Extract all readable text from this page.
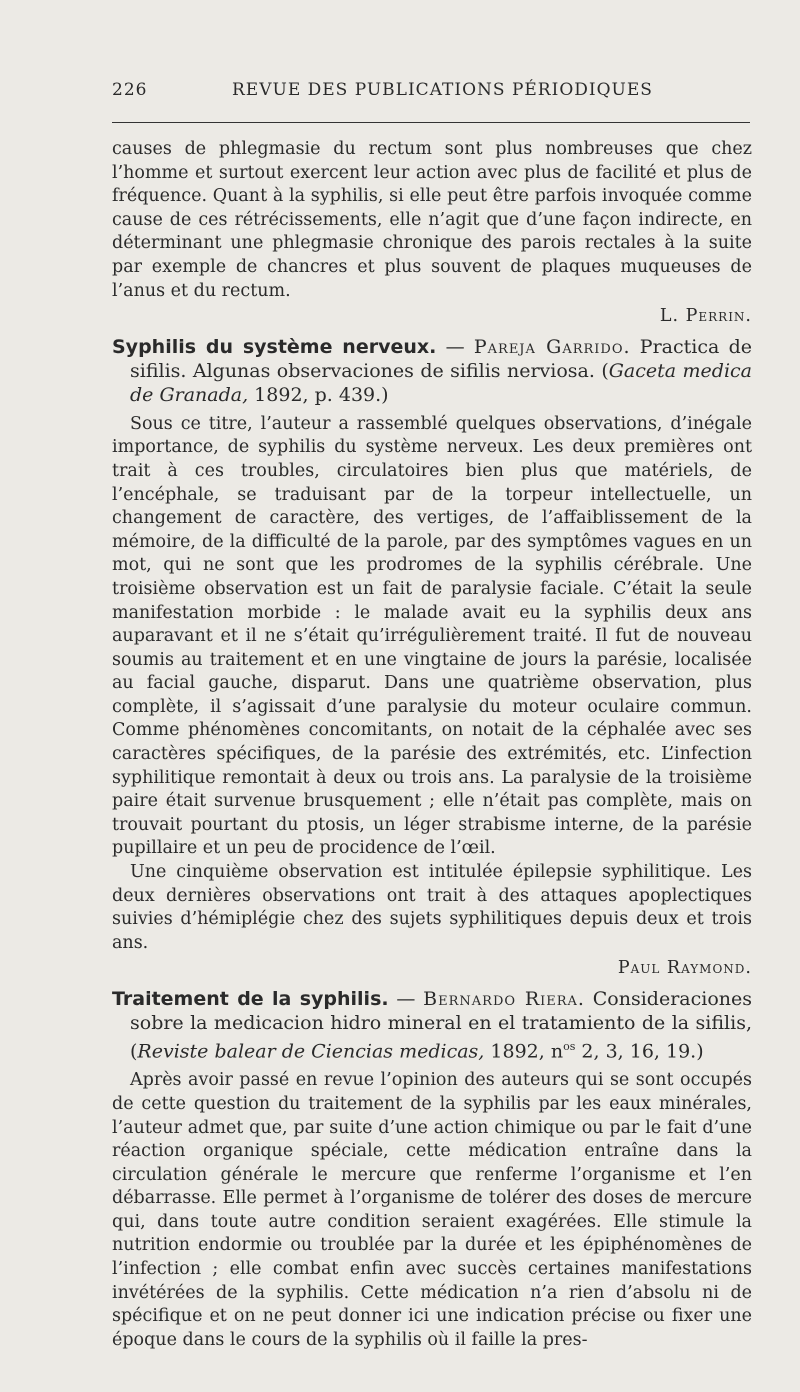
226	REVUE DES PUBLICATIONS PÉRIODIQUES

causes de phlegmasie du rectum sont plus nombreuses que chez l’homme et surtout exercent leur action avec plus de facilité et plus de fréquence. Quant à la syphilis, si elle peut être parfois invoquée comme cause de ces rétrécissements, elle n’agit que d’une façon indirecte, en déterminant une phlegmasie chronique des parois rectales à la suite par exemple de chancres et plus souvent de plaques muqueuses de l’anus et du rectum.

L. Perrin.

Syphilis du système nerveux. — Pareja Garrido. Practica de sifilis. Algunas observaciones de sifilis nerviosa. (Gaceta medica de Granada, 1892, p. 439.)

Sous ce titre, l’auteur a rassemblé quelques observations, d’inégale importance, de syphilis du système nerveux. Les deux premières ont trait à ces troubles, circulatoires bien plus que matériels, de l’encéphale, se traduisant par de la torpeur intellectuelle, un changement de caractère, des vertiges, de l’affaiblissement de la mémoire, de la difficulté de la parole, par des symptômes vagues en un mot, qui ne sont que les prodromes de la syphilis cérébrale. Une troisième observation est un fait de paralysie faciale. C’était la seule manifestation morbide : le malade avait eu la syphilis deux ans auparavant et il ne s’était qu’irrégulièrement traité. Il fut de nouveau soumis au traitement et en une vingtaine de jours la parésie, localisée au facial gauche, disparut. Dans une quatrième observation, plus complète, il s’agissait d’une paralysie du moteur oculaire commun. Comme phénomènes concomitants, on notait de la céphalée avec ses caractères spécifiques, de la parésie des extrémités, etc. L’infection syphilitique remontait à deux ou trois ans. La paralysie de la troisième paire était survenue brusquement ; elle n’était pas complète, mais on trouvait pourtant du ptosis, un léger strabisme interne, de la parésie pupillaire et un peu de procidence de l’œil.

Une cinquième observation est intitulée épilepsie syphilitique. Les deux dernières observations ont trait à des attaques apoplectiques suivies d’hémiplégie chez des sujets syphilitiques depuis deux et trois ans.

Paul Raymond.

Traitement de la syphilis. — Bernardo Riera. Consideraciones sobre la medicacion hidro mineral en el tratamiento de la sifilis, (Reviste balear de Ciencias medicas, 1892, $n^{os}$ 2, 3, 16, 19.)

Après avoir passé en revue l’opinion des auteurs qui se sont occupés de cette question du traitement de la syphilis par les eaux minérales, l’auteur admet que, par suite d’une action chimique ou par le fait d’une réaction organique spéciale, cette médication entraîne dans la circulation générale le mercure que renferme l’organisme et l’en débarrasse. Elle permet à l’organisme de tolérer des doses de mercure qui, dans toute autre condition seraient exagérées. Elle stimule la nutrition endormie ou troublée par la durée et les épiphénomènes de l’infection ; elle combat enfin avec succès certaines manifestations invétérées de la syphilis. Cette médication n’a rien d’absolu ni de spécifique et on ne peut donner ici une indication précise ou fixer une époque dans le cours de la syphilis où il faille la pres-
